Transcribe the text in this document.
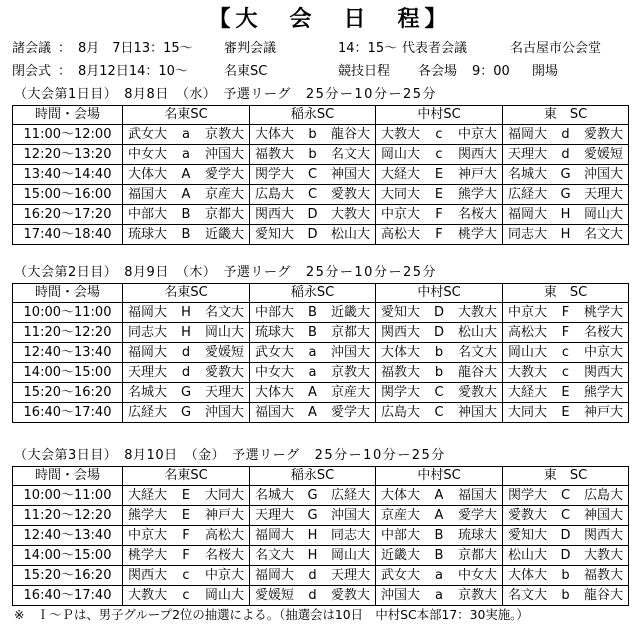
【大　会　日　程】
諸会議 ： 8月　7日13：15～ 審判会議	14：15～ 代表者会議	名古屋市公会堂
閉会式 ： 8月12日14：10～	名東SC	競技日程 各会場 9：00 開場
（大会第1日目） 8月8日 （水） 予選リーグ 25分ー10分ー25分
時間・会場	名東SC	稲永SC	中村SC	東　SC
11:00～12:00	武女大 a 京教大	大体大 b 龍谷大	大教大 c 中京大	福岡大 d 愛教大

12:20～13:20	中女大 a 沖国大	福教大 b 名文大	岡山大 c 関西大	天理大 d 愛媛短

13:40～14:40	大体大 A 愛学大	関学大 C 神国大	大経大 E 神戸大	名城大 G 沖国大

15:00～16:00	福国大 A 京産大	広島大 C 愛教大	大同大 E 熊学大	広経大 G 天理大

16:20～17:20	中部大 B 京都大	関西大 D 大教大	中京大 F 名桜大	福岡大 H 岡山大

17:40～18:40	琉球大 B 近畿大	愛知大 D 松山大	高松大 F 桃学大	同志大 H 名文大
（大会第2日目） 8月9日 （木） 予選リーグ 25分ー10分ー25分
時間・会場	名東SC	稲永SC	中村SC	東　SC
10:00～11:00	福岡大 H 名文大	中部大 B 近畿大	愛知大 D 大教大	中京大 F 桃学大

11:20～12:20	同志大 H 岡山大	琉球大 B 京都大	関西大 D 松山大	高松大 F 名桜大

12:40～13:40	福岡大 d 愛媛短	武女大 a 沖国大	大体大 b 名文大	岡山大 c 中京大

14:00～15:00	天理大 d 愛教大	中女大 a 京教大	福教大 b 龍谷大	大教大 c 関西大

15:20～16:20	名城大 G 天理大	大体大 A 京産大	関学大 C 愛教大	大経大 E 熊学大

16:40～17:40	広経大 G 沖国大	福国大 A 愛学大	広島大 C 神国大	大同大 E 神戸大
（大会第3日目） 8月10日 （金） 予選リーグ 25分ー10分ー25分
時間・会場	名東SC	稲永SC	中村SC	東　SC
10:00～11:00	大経大 E 大同大	名城大 G 広経大	大体大 A 福国大	関学大 C 広島大

11:20～12:20	熊学大 E 神戸大	天理大 G 沖国大	京産大 A 愛学大	愛教大 C 神国大

12:40～13:40	中京大 F 高松大	福岡大 H 同志大	中部大 B 琉球大	愛知大 D 関西大

14:00～15:00	桃学大 F 名桜大	名文大 H 岡山大	近畿大 B 京都大	松山大 D 大教大

15:20～16:20	関西大 c 中京大	福岡大 d 天理大	武女大 a 中女大	大体大 b 福教大

16:40～17:40	大教大 c 岡山大	愛媛短 d 愛教大	沖国大 a 京教大	名文大 b 龍谷大
※　Ｉ～Ｐは、男子グループ2位の抽選による。（抽選会は10日　中村SC本部17：30実施。）
